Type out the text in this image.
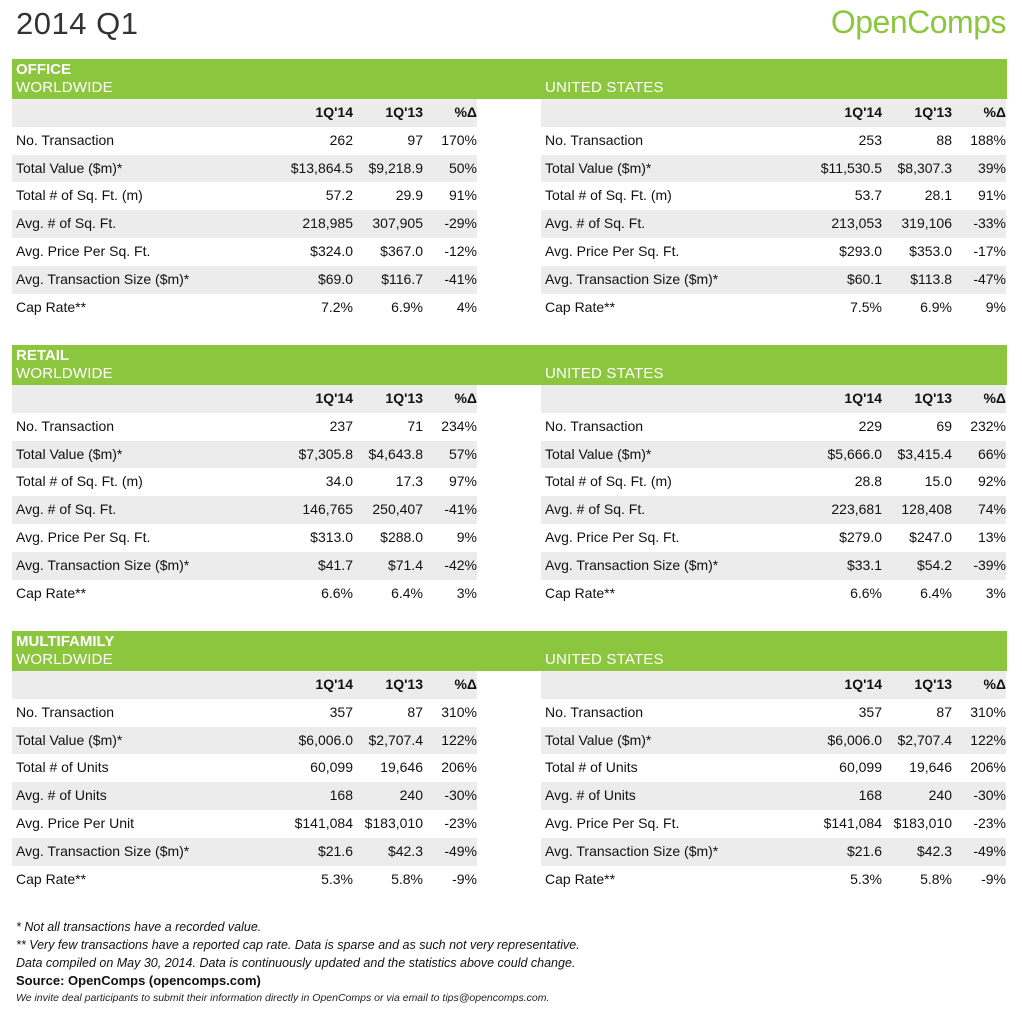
2014 Q1	OpenComps
OFFICE
WORLDWIDE	UNITED STATES
1Q'14 1Q'13 %Δ
No. Transaction	262	97 170%
Total Value ($m)*	$13,864.5 $9,218.9 50%
Total # of Sq. Ft. (m)	57.2	29.9 91%
Avg. # of Sq. Ft.	218,985 307,905 -29%
Avg. Price Per Sq. Ft.	$324.0 $367.0 -12%
Avg. Transaction Size ($m)*	$69.0 $116.7 -41%
Cap Rate**	7.2%	6.9% 4%
1Q'14 1Q'13 %Δ
No. Transaction	253	88 188%
Total Value ($m)*	$11,530.5 $8,307.3 39%
Total # of Sq. Ft. (m)	53.7	28.1 91%
Avg. # of Sq. Ft.	213,053 319,106 -33%
Avg. Price Per Sq. Ft.	$293.0 $353.0 -17%
Avg. Transaction Size ($m)*	$60.1 $113.8 -47%
Cap Rate**	7.5%	6.9% 9%
RETAIL
WORLDWIDE	UNITED STATES
1Q'14 1Q'13 %Δ
No. Transaction	237	71 234%
Total Value ($m)*	$7,305.8 $4,643.8 57%
Total # of Sq. Ft. (m)	34.0	17.3 97%
Avg. # of Sq. Ft.	146,765 250,407 -41%
Avg. Price Per Sq. Ft.	$313.0 $288.0 9%
Avg. Transaction Size ($m)*	$41.7 $71.4 -42%
Cap Rate**	6.6%	6.4% 3%
1Q'14 1Q'13 %Δ
No. Transaction	229	69 232%
Total Value ($m)*	$5,666.0 $3,415.4 66%
Total # of Sq. Ft. (m)	28.8	15.0 92%
Avg. # of Sq. Ft.	223,681 128,408 74%
Avg. Price Per Sq. Ft.	$279.0 $247.0 13%
Avg. Transaction Size ($m)*	$33.1 $54.2 -39%
Cap Rate**	6.6%	6.4% 3%
MULTIFAMILY
WORLDWIDE	UNITED STATES
1Q'14 1Q'13 %Δ
No. Transaction	357	87 310%
Total Value ($m)*	$6,006.0 $2,707.4 122%
Total # of Units	60,099 19,646 206%
Avg. # of Units	168	240 -30%
Avg. Price Per Unit	$141,084 $183,010 -23%
Avg. Transaction Size ($m)*	$21.6 $42.3 -49%
Cap Rate**	5.3%	5.8% -9%
1Q'14 1Q'13 %Δ
No. Transaction	357	87 310%
Total Value ($m)*	$6,006.0 $2,707.4 122%
Total # of Units	60,099 19,646 206%
Avg. # of Units	168	240 -30%
Avg. Price Per Sq. Ft.	$141,084 $183,010 -23%
Avg. Transaction Size ($m)*	$21.6 $42.3 -49%
Cap Rate**	5.3%	5.8% -9%
* Not all transactions have a recorded value.
** Very few transactions have a reported cap rate. Data is sparse and as such not very representative.
Data compiled on May 30, 2014. Data is continuously updated and the statistics above could change.
Source: OpenComps (opencomps.com)
We invite deal participants to submit their information directly in OpenComps or via email to tips@opencomps.com.
